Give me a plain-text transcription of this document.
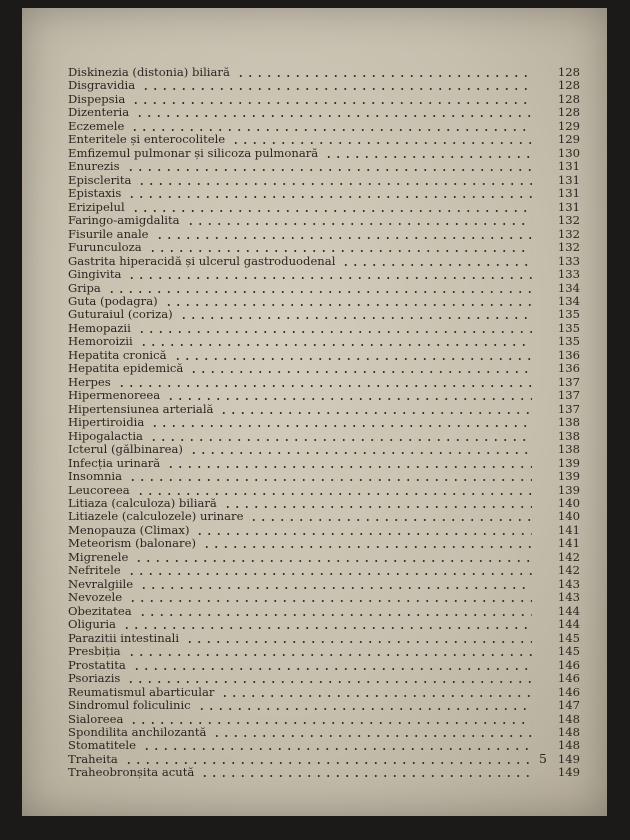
Diskinezia (distonia) biliară	128
Disgravidia	128
Dispepsia	128
Dizenteria	128
Eczemele	129
Enteritele și enterocolitele	129
Emfizemul pulmonar și silicoza pulmonară	130
Enurezis	131
Episclerita	131
Epistaxis	131
Erizipelul	131
Faringo-amigdalita	132
Fisurile anale	132
Furunculoza	132
Gastrita hiperacidă și ulcerul gastroduodenal	133
Gingivita	133
Gripa	134
Guta (podagra)	134
Guturaiul (coriza)	135
Hemopazii	135
Hemoroizii	135
Hepatita cronică	136
Hepatita epidemică	136
Herpes	137
Hipermenoreea	137
Hipertensiunea arterială	137
Hipertiroidia	138
Hipogalactia	138
Icterul (gălbinarea)	138
Infecția urinară	139
Insomnia	139
Leucoreea	139
Litiaza (calculoza) biliară	140
Litiazele (calculozele) urinare	140
Menopauza (Climax)	141
Meteorism (balonare)	141
Migrenele	142
Nefritele	142
Nevralgiile	143
Nevozele	143
Obezitatea	144
Oliguria	144
Parazitii intestinali	145
Presbiția	145
Prostatita	146
Psoriazis	146
Reumatismul abarticular	146
Sindromul foliculinic	147
Sialoreea	148
Spondilita anchilozantă	148
Stomatitele	148
Traheita	149
Traheobronșita acută	149
5
